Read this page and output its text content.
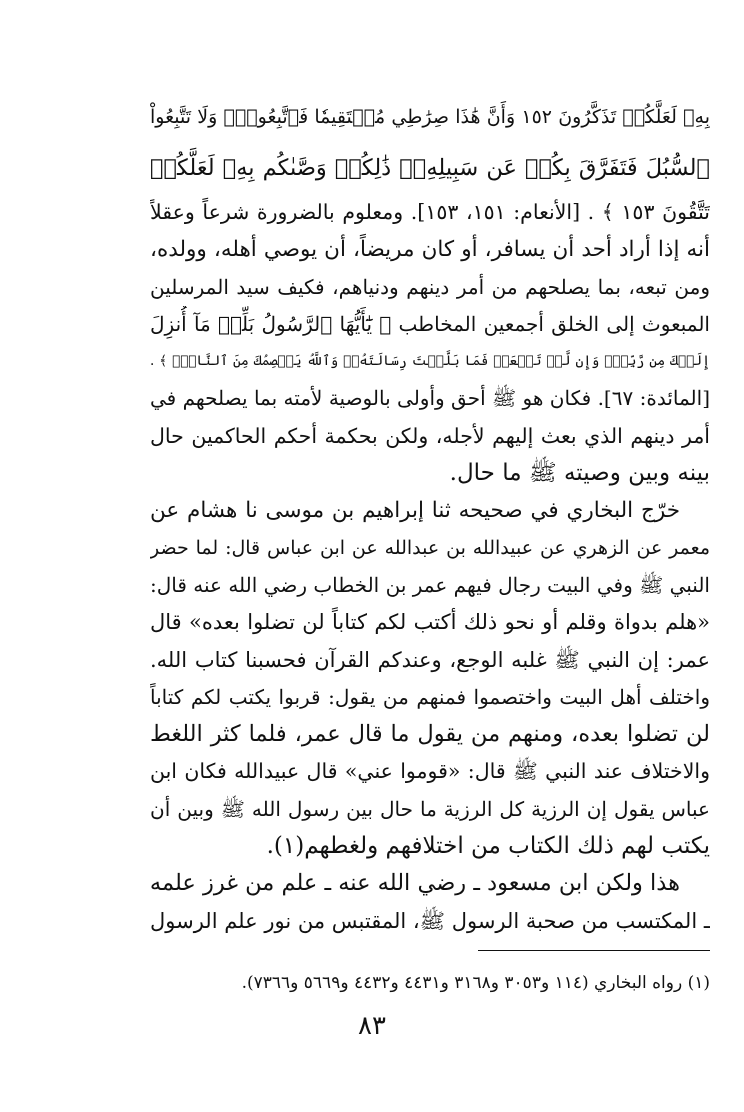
بِهِۦ لَعَلَّكُمۡ تَذَكَّرُونَ ١٥٢ وَأَنَّ هَٰذَا صِرَٰطِي مُسۡتَقِيمٗا فَٱتَّبِعُوهُۖ وَلَا تَتَّبِعُواْ
ٱلسُّبُلَ فَتَفَرَّقَ بِكُمۡ عَن سَبِيلِهِۦۚ ذَٰلِكُمۡ وَصَّىٰكُم بِهِۦ لَعَلَّكُمۡ
تَتَّقُونَ ١٥٣ ﴾ . [الأنعام: ١٥١، ١٥٣]. ومعلوم بالضرورة شرعاً وعقلاً
أنه إذا أراد أحد أن يسافر، أو كان مريضاً، أن يوصي أهله، وولده،
ومن تبعه، بما يصلحهم من أمر دينهم ودنياهم، فكيف سيد المرسلين
المبعوث إلى الخلق أجمعين المخاطب ﴿ يَٰٓأَيُّهَا ٱلرَّسُولُ بَلِّغۡ مَآ أُنزِلَ
إِلَيۡكَ مِن رَّبِّكَۖ وَإِن لَّمۡ تَفۡعَلۡ فَمَا بَلَّغۡتَ رِسَالَتَهُۥۚ وَٱللَّهُ يَعۡصِمُكَ مِنَ ٱلنَّاسِۗ ﴾ .
[المائدة: ٦٧]. فكان هو ﷺ أحق وأولى بالوصية لأمته بما يصلحهم في
أمر دينهم الذي بعث إليهم لأجله، ولكن بحكمة أحكم الحاكمين حال
بينه وبين وصيته ﷺ ما حال.
خرّج البخاري في صحيحه ثنا إبراهيم بن موسى نا هشام عن
معمر عن الزهري عن عبيدالله بن عبدالله عن ابن عباس قال: لما حضر
النبي ﷺ وفي البيت رجال فيهم عمر بن الخطاب رضي الله عنه قال:
«هلم بدواة وقلم أو نحو ذلك أكتب لكم كتاباً لن تضلوا بعده» قال
عمر: إن النبي ﷺ غلبه الوجع، وعندكم القرآن فحسبنا كتاب الله.
واختلف أهل البيت واختصموا فمنهم من يقول: قربوا يكتب لكم كتاباً
لن تضلوا بعده، ومنهم من يقول ما قال عمر، فلما كثر اللغط
والاختلاف عند النبي ﷺ قال: «قوموا عني» قال عبيدالله فكان ابن
عباس يقول إن الرزية كل الرزية ما حال بين رسول الله ﷺ وبين أن
يكتب لهم ذلك الكتاب من اختلافهم ولغطهم(١).
هذا ولكن ابن مسعود ـ رضي الله عنه ـ علم من غرز علمه
ـ المكتسب من صحبة الرسول ﷺ، المقتبس من نور علم الرسول
(١) رواه البخاري (١١٤ و٣٠٥٣ و٣١٦٨ و٤٤٣١ و٤٤٣٢ و٥٦٦٩ و٧٣٦٦).
٨٣
